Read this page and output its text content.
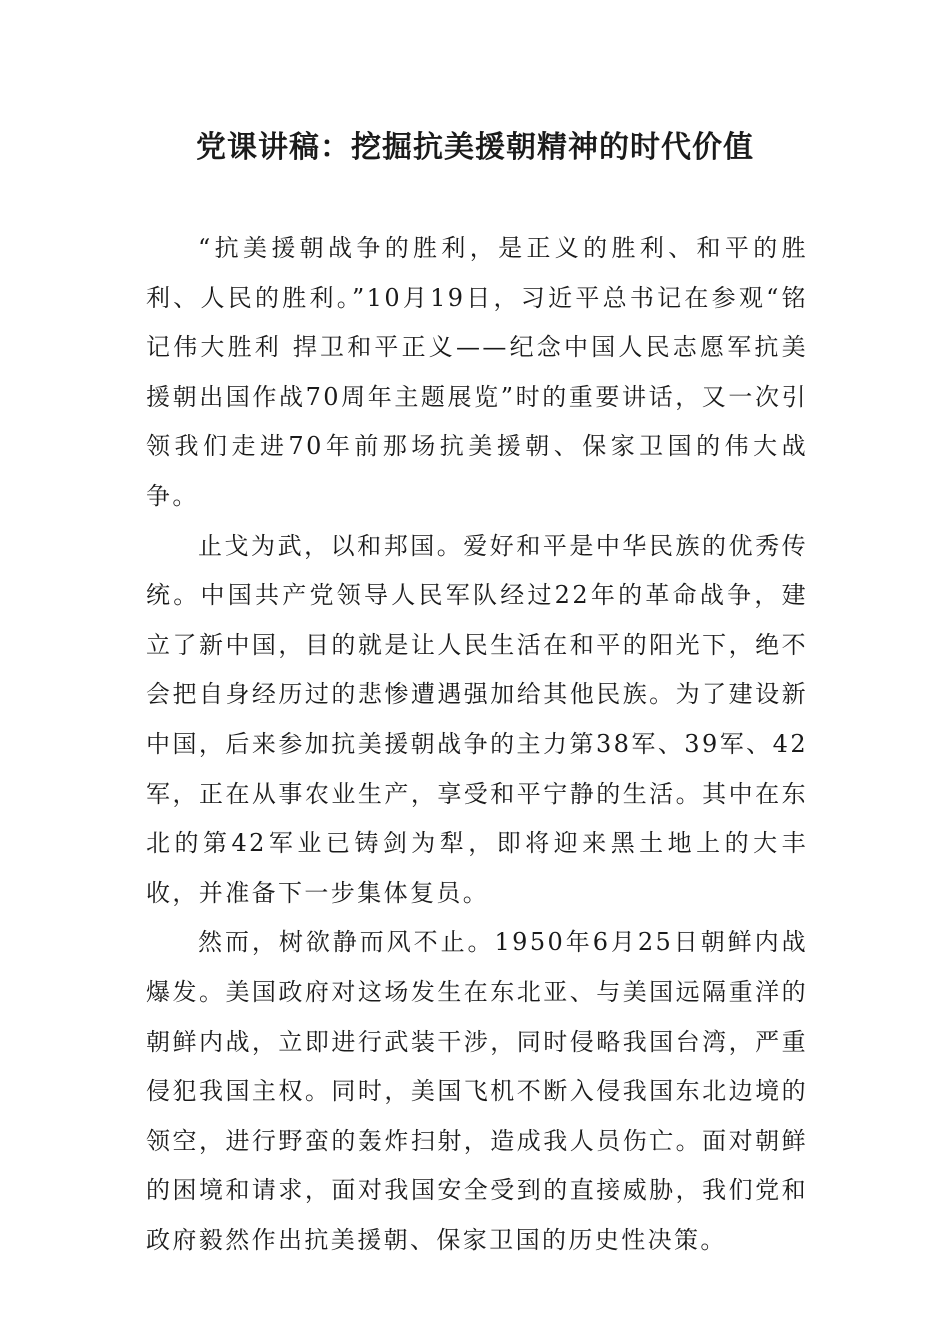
党课讲稿：挖掘抗美援朝精神的时代价值

“抗美援朝战争的胜利，是正义的胜利、和平的胜利、人民的胜利。”10月19日，习近平总书记在参观“铭记伟大胜利 捍卫和平正义——纪念中国人民志愿军抗美援朝出国作战70周年主题展览”时的重要讲话，又一次引领我们走进70年前那场抗美援朝、保家卫国的伟大战争。

止戈为武，以和邦国。爱好和平是中华民族的优秀传统。中国共产党领导人民军队经过22年的革命战争，建立了新中国，目的就是让人民生活在和平的阳光下，绝不会把自身经历过的悲惨遭遇强加给其他民族。为了建设新中国，后来参加抗美援朝战争的主力第38军、39军、42军，正在从事农业生产，享受和平宁静的生活。其中在东北的第42军业已铸剑为犁，即将迎来黑土地上的大丰收，并准备下一步集体复员。

然而，树欲静而风不止。1950年6月25日朝鲜内战爆发。美国政府对这场发生在东北亚、与美国远隔重洋的朝鲜内战，立即进行武装干涉，同时侵略我国台湾，严重侵犯我国主权。同时，美国飞机不断入侵我国东北边境的领空，进行野蛮的轰炸扫射，造成我人员伤亡。面对朝鲜的困境和请求，面对我国安全受到的直接威胁，我们党和政府毅然作出抗美援朝、保家卫国的历史性决策。
